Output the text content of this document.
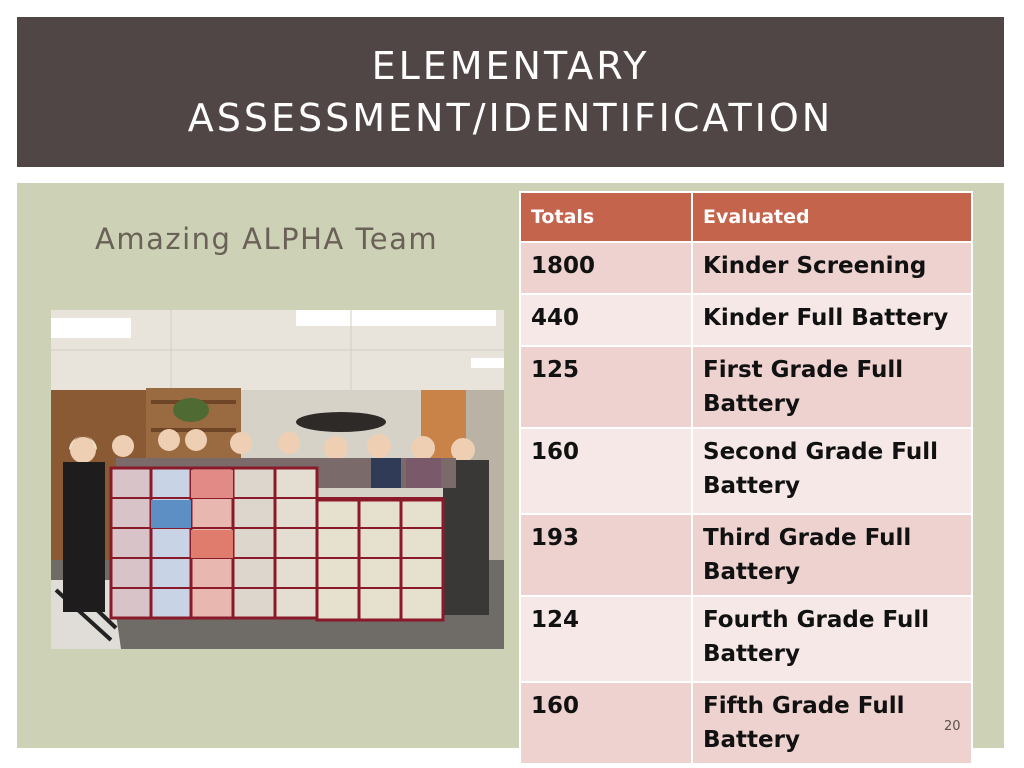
ELEMENTARY
ASSESSMENT/IDENTIFICATION
Amazing ALPHA Team
Totals	Evaluated
1800	Kinder Screening
440	Kinder Full Battery
125	First Grade Full Battery
160	Second Grade Full Battery
193	Third Grade Full Battery
124	Fourth Grade Full Battery
160	Fifth Grade Full Battery
20
